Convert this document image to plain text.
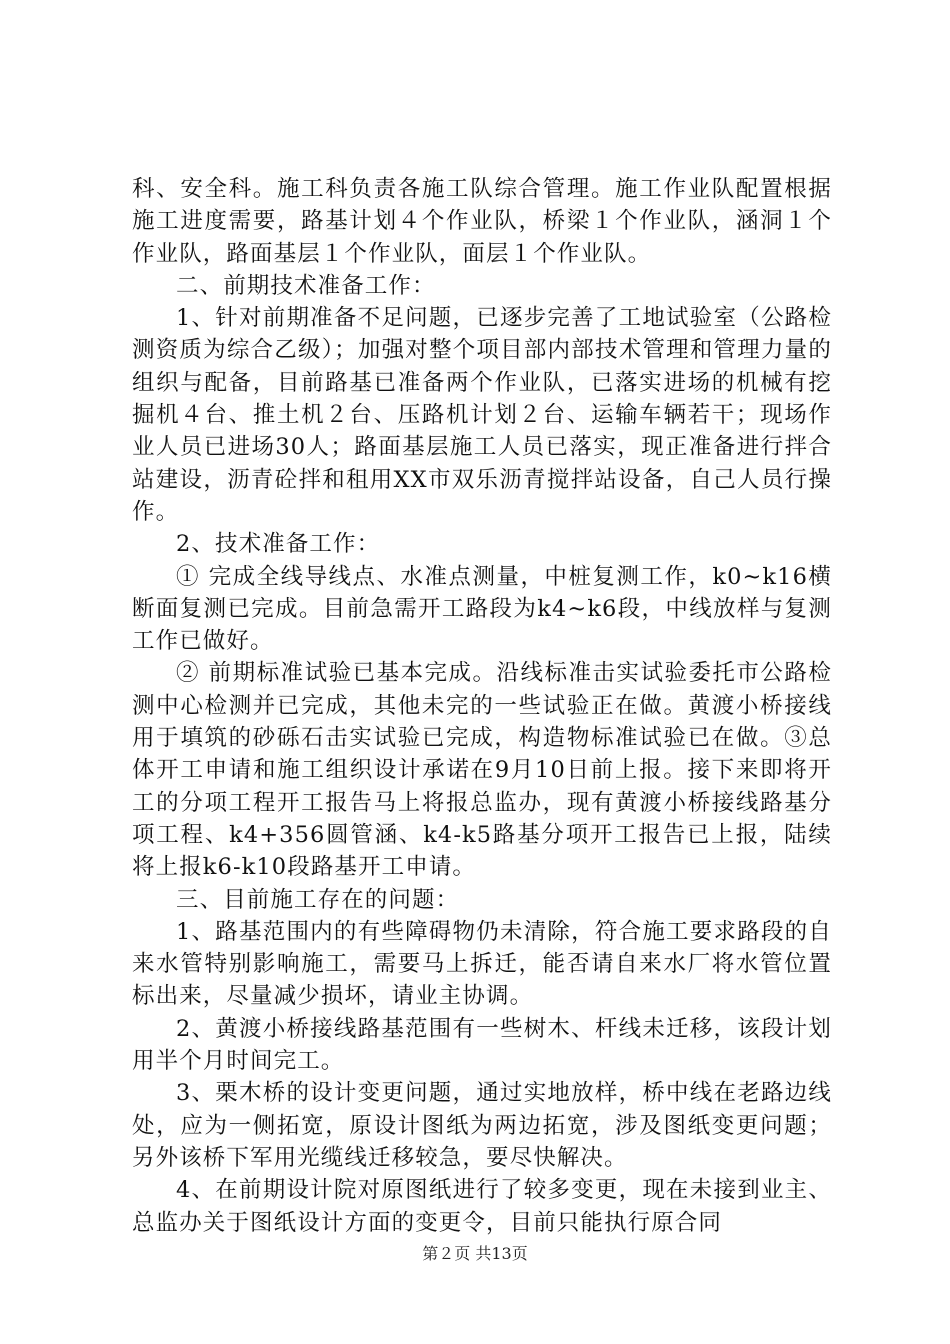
科、安全科。施工科负责各施工队综合管理。施工作业队配置根据施工进度需要，路基计划４个作业队，桥梁１个作业队，涵洞１个作业队，路面基层１个作业队，面层１个作业队。

二、前期技术准备工作：

1、针对前期准备不足问题，已逐步完善了工地试验室（公路检测资质为综合乙级）；加强对整个项目部内部技术管理和管理力量的组织与配备，目前路基已准备两个作业队，已落实进场的机械有挖掘机４台、推土机２台、压路机计划２台、运输车辆若干；现场作业人员已进场30人；路面基层施工人员已落实，现正准备进行拌合站建设，沥青砼拌和租用XX市双乐沥青搅拌站设备，自己人员行操作。

2、技术准备工作：

① 完成全线导线点、水准点测量，中桩复测工作，k0~k16横断面复测已完成。目前急需开工路段为k4~k6段，中线放样与复测工作已做好。

② 前期标准试验已基本完成。沿线标准击实试验委托市公路检测中心检测并已完成，其他未完的一些试验正在做。黄渡小桥接线用于填筑的砂砾石击实试验已完成，构造物标准试验已在做。③总体开工申请和施工组织设计承诺在9月10日前上报。接下来即将开工的分项工程开工报告马上将报总监办，现有黄渡小桥接线路基分项工程、k4+356圆管涵、k4-k5路基分项开工报告已上报，陆续将上报k6-k10段路基开工申请。

三、目前施工存在的问题：

1、路基范围内的有些障碍物仍未清除，符合施工要求路段的自来水管特别影响施工，需要马上拆迁，能否请自来水厂将水管位置标出来，尽量减少损坏，请业主协调。

2、黄渡小桥接线路基范围有一些树木、杆线未迁移，该段计划用半个月时间完工。

3、栗木桥的设计变更问题，通过实地放样，桥中线在老路边线处，应为一侧拓宽，原设计图纸为两边拓宽，涉及图纸变更问题；另外该桥下军用光缆线迁移较急，要尽快解决。

4、在前期设计院对原图纸进行了较多变更，现在未接到业主、总监办关于图纸设计方面的变更令，目前只能执行原合同

第２页 共13页
